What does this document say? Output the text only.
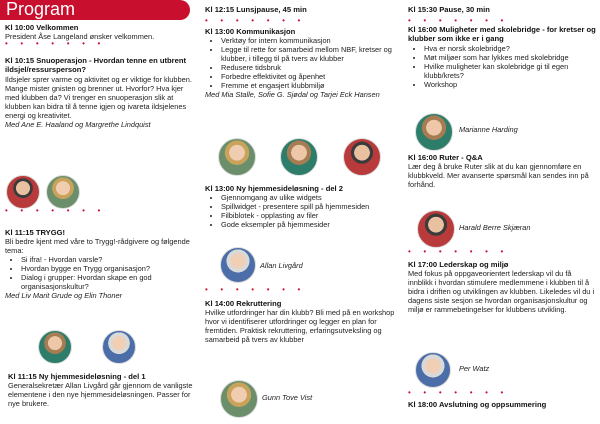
Program
Kl 10:00 Velkommen

President Åse Langeland ønsker velkommen.

• • • • • • •
Kl 10:15 Snuoperasjon - Hvordan tenne en utbrent ildsjel/ressursperson?

Ildsjeler sprer varme og aktivitet og er viktige for klubben. Mange mister gnisten og brenner ut. Hvorfor? Hva kjer med klubben da? Vi trenger en snuoperasjon slik at klubben kan bidra til å tenne igjen og ivareta ildsjelenes energi og kreativitet.

Med Ane E. Haaland og Margrethe Lindquist

• • • • • • •
Kl 11:15 TRYGG!

Bli bedre kjent med våre to Trygg!-rådgivere og følgende tema:

• Si ifra! - Hvordan varsle?
• Hvordan bygge en Trygg organisasjon?
• Dialog i grupper: Hvordan skape en god organisasjonskultur?

Med Liv Marit Grude og Elin Thoner

Kl 11:15 Ny hjemmesideløsning - del 1

Generalsekretær Allan Livgård går gjennom de vanligste elementene i den nye hjemmesideløsningen. Passer for nye brukere.

Kl 12:15 Lunsjpause, 45 min
• • • • • • •
Kl 13:00 Kommunikasjon
• Verktøy for intern kommunikasjon
• Legge til rette for samarbeid mellom NBF, kretser og klubber, i tillegg til på tvers av klubber
• Redusere tidsbruk
• Forbedre effektivitet og åpenhet
• Fremme et engasjert klubbmiljø

Med Mia Stalle, Sofie G. Sjødal og Tarjei Eck Hansen

Kl 13:00 Ny hjemmesideløsning - del 2
• Gjennomgang av ulike widgets
• Spillwidget - presentere spill på hjemmesiden
• Filbiblotek - opplasting av filer
• Gode eksempler på hjemmesider
Allan Livgård
• • • • • • •
Kl 14:00 Rekruttering

Hvilke utfordringer har din klubb? Bli med på en workshop hvor vi identifiserer utfordringer og legger en plan for fremtiden. Praktisk rekruttering, erfaringsutveksling og samarbeid på tvers av klubber

Gunn Tove Vist
Kl 15:30 Pause, 30 min
• • • • • • •
Kl 16:00 Muligheter med skolebridge - for kretser og klubber som ikke er i gang
• Hva er norsk skolebridge?
• Møt miljøer som har lykkes med skolebridge
• Hvilke muligheter kan skolebridge gi til egen klubb/krets?
• Workshop
Marianne Harding
Kl 16:00 Ruter - Q&A

Lær deg å bruke Ruter slik at du kan gjennomføre en klubbkveld. Mer avanserte spørsmål kan sendes inn på forhånd.

Harald Berre Skjæran
• • • • • • •
Kl 17:00 Lederskap og miljø

Med fokus på oppgaveorientert lederskap vil du få innblikk i hvordan stimulere medlemmene i klubben til å bidra i driften og utviklingen av klubben. Likeledes vil du i dagens siste sesjon se hvordan organisasjonskultur og miljø er rammebetingelser for klubbens utvikling.

Per Watz
• • • • • • •
Kl 18:00 Avslutning og oppsummering
